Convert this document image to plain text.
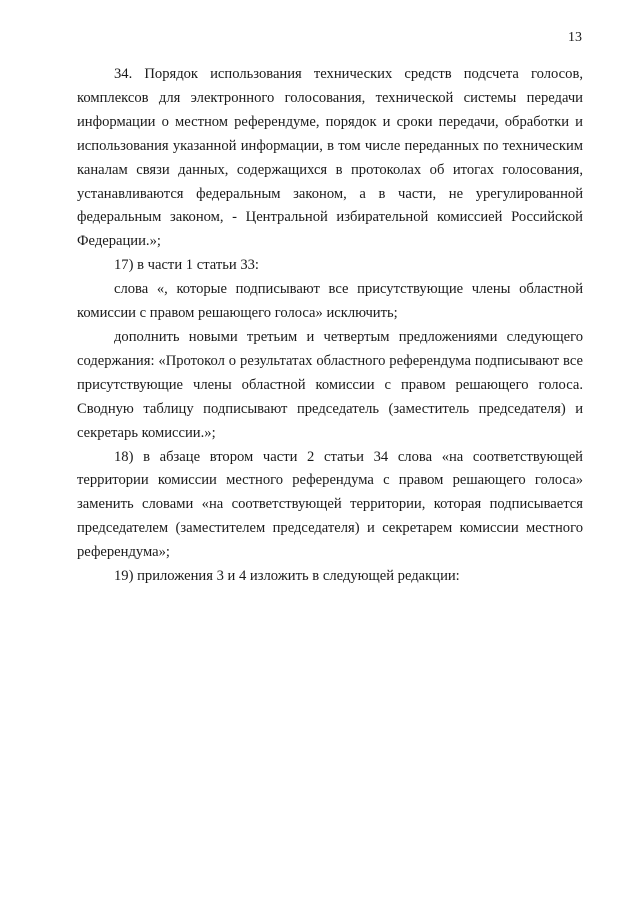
13

34. Порядок использования технических средств подсчета голосов, комплексов для электронного голосования, технической системы передачи информации о местном референдуме, порядок и сроки передачи, обработки и использования указанной информации, в том числе переданных по техническим каналам связи данных, содержащихся в протоколах об итогах голосования, устанавливаются федеральным законом, а в части, не урегулированной федеральным законом, - Центральной избирательной комиссией Российской Федерации.»;

17) в части 1 статьи 33:

слова «, которые подписывают все присутствующие члены областной комиссии с правом решающего голоса» исключить;

дополнить новыми третьим и четвертым предложениями следующего содержания: «Протокол о результатах областного референдума подписывают все присутствующие члены областной комиссии с правом решающего голоса. Сводную таблицу подписывают председатель (заместитель председателя) и секретарь комиссии.»;

18) в абзаце втором части 2 статьи 34 слова «на соответствующей территории комиссии местного референдума с правом решающего голоса» заменить словами «на соответствующей территории, которая подписывается председателем (заместителем председателя) и секретарем комиссии местного референдума»;

19) приложения 3 и 4 изложить в следующей редакции:
